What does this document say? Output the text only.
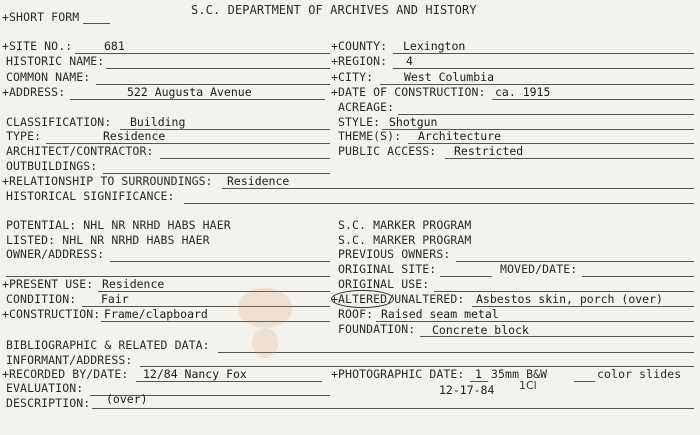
+SHORT FORM	S.C. DEPARTMENT OF ARCHIVES AND HISTORY
+SITE NO.:	681
HISTORIC NAME:
COMMON NAME:
+ADDRESS:	522 Augusta Avenue
CLASSIFICATION: Building
TYPE:	Residence
ARCHITECT/CONTRACTOR:
OUTBUILDINGS:
+RELATIONSHIP TO SURROUNDINGS: Residence
HISTORICAL SIGNIFICANCE:
POTENTIAL: NHL NR NRHD HABS HAER
LISTED: NHL NR NRHD HABS HAER
OWNER/ADDRESS:
+PRESENT USE: Residence
CONDITION: Fair
+CONSTRUCTION: Frame/clapboard
BIBLIOGRAPHIC & RELATED DATA:
INFORMANT/ADDRESS:
+RECORDED BY/DATE: 12/84 Nancy Fox
EVALUATION:
DESCRIPTION: (over)
+COUNTY: Lexington
+REGION: 4
+CITY:	West Columbia
+DATE OF CONSTRUCTION: ca. 1915
ACREAGE:
STYLE: Shotgun
THEME(S): Architecture
PUBLIC ACCESS: Restricted
S.C. MARKER PROGRAM
S.C. MARKER PROGRAM
PREVIOUS OWNERS:
ORIGINAL SITE:	MOVED/DATE:
ORIGINAL USE:
+ALTERED/UNALTERED: Asbestos skin, porch (over)
ROOF: Raised seam metal
FOUNDATION: Concrete block
+PHOTOGRAPHIC DATE: 1 35mm B&W	color slides
12-17-84 1Cl
